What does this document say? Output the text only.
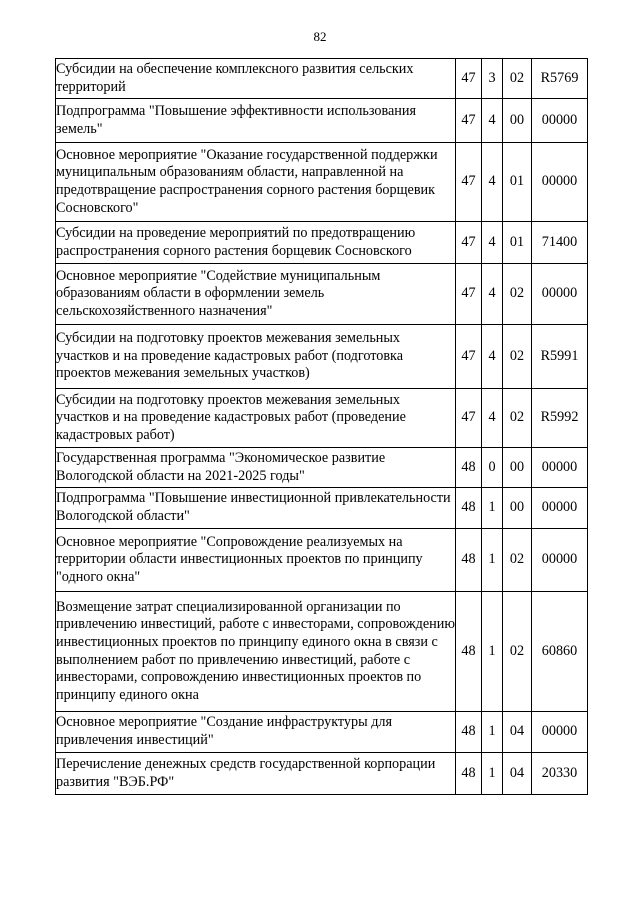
82
Субсидии на обеспечение комплексного развития сельских территорий	47	3	02	R5769
Подпрограмма "Повышение эффективности использования земель"	47	4	00	00000
Основное мероприятие "Оказание государственной поддержки муниципальным образованиям области, направленной на предотвращение распространения сорного растения борщевик Сосновского"	47	4	01	00000
Субсидии на проведение мероприятий по предотвращению распространения сорного растения борщевик Сосновского	47	4	01	71400
Основное мероприятие "Содействие муниципальным образованиям области в оформлении земель сельскохозяйственного назначения"	47	4	02	00000
Субсидии на подготовку проектов межевания земельных участков и на проведение кадастровых работ (подготовка проектов межевания земельных участков)	47	4	02	R5991
Субсидии на подготовку проектов межевания земельных участков и на проведение кадастровых работ (проведение кадастровых работ)	47	4	02	R5992
Государственная программа "Экономическое развитие Вологодской области на 2021-2025 годы"	48	0	00	00000
Подпрограмма "Повышение инвестиционной привлекательности Вологодской области"	48	1	00	00000
Основное мероприятие "Сопровождение реализуемых на территории области инвестиционных проектов по принципу "одного окна"	48	1	02	00000
Возмещение затрат специализированной организации по привлечению инвестиций, работе с инвесторами, сопровождению инвестиционных проектов по принципу единого окна в связи с выполнением работ по привлечению инвестиций, работе с инвесторами, сопровождению инвестиционных проектов по принципу единого окна	48	1	02	60860
Основное мероприятие "Создание инфраструктуры для привлечения инвестиций"	48	1	04	00000
Перечисление денежных средств государственной корпорации развития "ВЭБ.РФ"	48	1	04	20330
